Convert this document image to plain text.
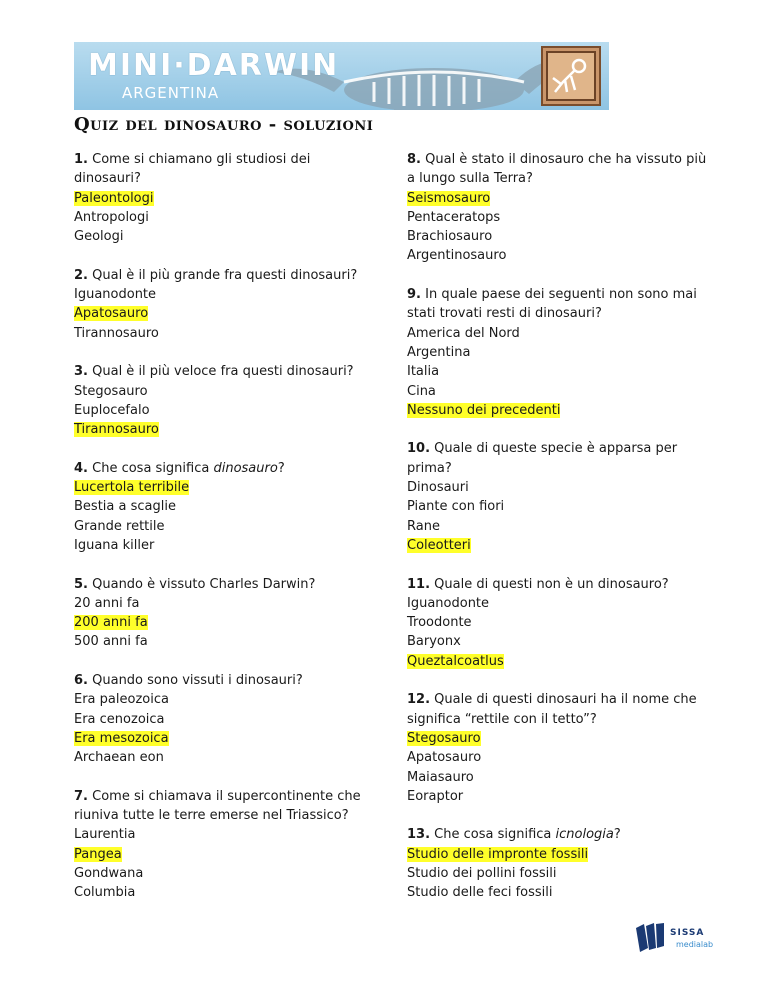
MINI·DARWIN
ARGENTINA
Quiz del dinosauro - soluzioni

1. Come si chiamano gli studiosi dei dinosauri?

Paleontologi

Antropologi

Geologi

2. Qual è il più grande fra questi dinosauri?

Iguanodonte

Apatosauro

Tirannosauro

3. Qual è il più veloce fra questi dinosauri?

Stegosauro

Euplocefalo

Tirannosauro

4. Che cosa significa dinosauro?

Lucertola terribile

Bestia a scaglie

Grande rettile

Iguana killer

5. Quando è vissuto Charles Darwin?

20 anni fa

200 anni fa

500 anni fa

6. Quando sono vissuti i dinosauri?

Era paleozoica

Era cenozoica

Era mesozoica

Archaean eon

7. Come si chiamava il supercontinente che riuniva tutte le terre emerse nel Triassico?

Laurentia

Pangea

Gondwana

Columbia

8. Qual è stato il dinosauro che ha vissuto più a lungo sulla Terra?

Seismosauro

Pentaceratops

Brachiosauro

Argentinosauro

9. In quale paese dei seguenti non sono mai stati trovati resti di dinosauri?

America del Nord

Argentina

Italia

Cina

Nessuno dei precedenti

10. Quale di queste specie è apparsa per prima?

Dinosauri

Piante con fiori

Rane

Coleotteri

11. Quale di questi non è un dinosauro?

Iguanodonte

Troodonte

Baryonx

Queztalcoatlus

12. Quale di questi dinosauri ha il nome che significa “rettile con il tetto”?

Stegosauro

Apatosauro

Maiasauro

Eoraptor

13. Che cosa significa icnologia?

Studio delle impronte fossili

Studio dei pollini fossili

Studio delle feci fossili

SISSA
medialab
